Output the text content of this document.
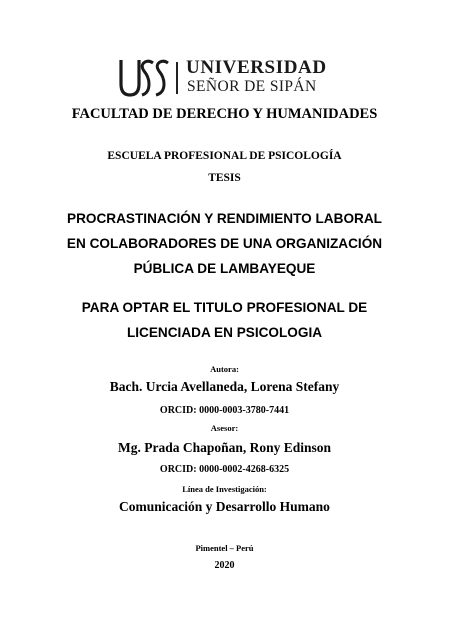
UNIVERSIDAD
SEÑOR DE SIPÁN
FACULTAD DE DERECHO Y HUMANIDADES
ESCUELA PROFESIONAL DE PSICOLOGÍA
TESIS
PROCRASTINACIÓN Y RENDIMIENTO LABORAL
EN COLABORADORES DE UNA ORGANIZACIÓN
PÚBLICA DE LAMBAYEQUE
PARA OPTAR EL TITULO PROFESIONAL DE
LICENCIADA EN PSICOLOGIA
Autora:
Bach. Urcia Avellaneda, Lorena Stefany
ORCID: 0000-0003-3780-7441
Asesor:
Mg. Prada Chapoñan, Rony Edinson
ORCID: 0000-0002-4268-6325
Línea de Investigación:
Comunicación y Desarrollo Humano
Pimentel – Perú
2020
